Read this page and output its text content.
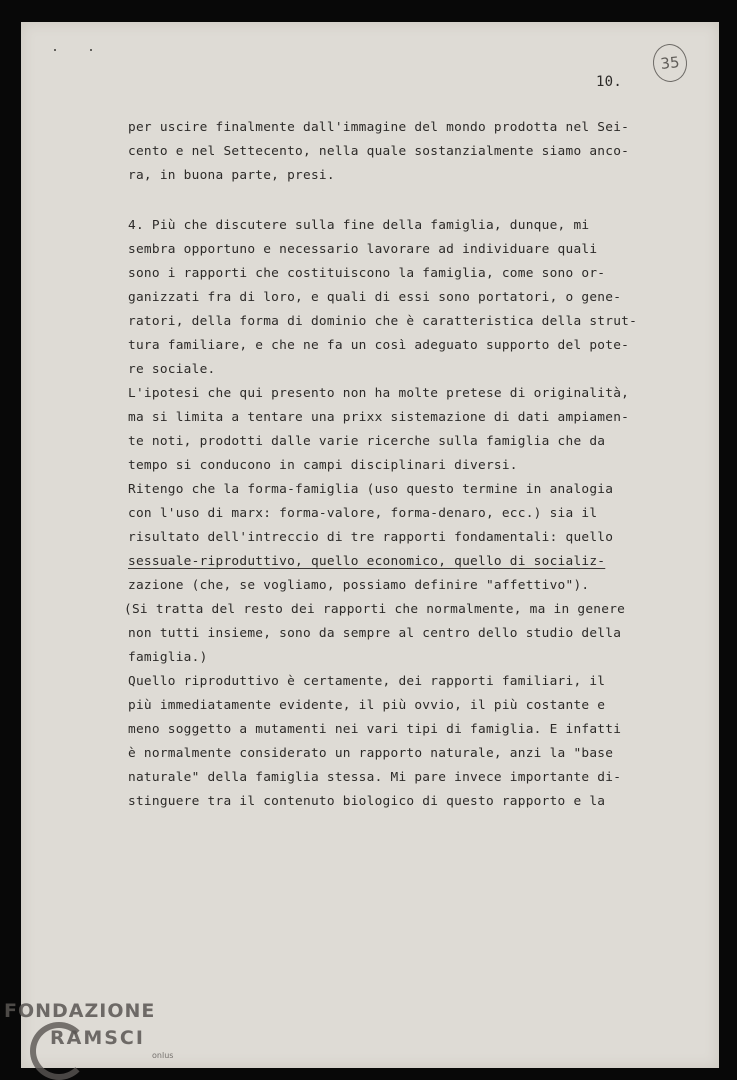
35
10.

per uscire finalmente dall'immagine del mondo prodotta nel Sei-

cento e nel Settecento, nella quale sostanzialmente siamo anco-

ra, in buona parte, presi.

4. Più che discutere sulla fine della famiglia, dunque, mi

sembra opportuno e necessario lavorare ad individuare quali

sono i rapporti che costituiscono la famiglia, come sono or-

ganizzati fra di loro, e quali di essi sono portatori, o gene-

ratori, della forma di dominio che è caratteristica della strut-

tura familiare, e che ne fa un così adeguato supporto del pote-

re sociale.

L'ipotesi che qui presento non ha molte pretese di originalità,

ma si limita a tentare una prixx sistemazione di dati ampiamen-

te noti, prodotti dalle varie ricerche sulla famiglia che da

tempo si conducono in campi disciplinari diversi.

Ritengo che la forma-famiglia (uso questo termine in analogia

con l'uso di marx: forma-valore, forma-denaro, ecc.) sia il

risultato dell'intreccio di tre rapporti fondamentali: quello

sessuale-riproduttivo, quello economico, quello di socializ-

zazione (che, se vogliamo, possiamo definire "affettivo").

(Si tratta del resto dei rapporti che normalmente, ma in genere

non tutti insieme, sono da sempre al centro dello studio della

famiglia.)

Quello riproduttivo è certamente, dei rapporti familiari, il

più immediatamente evidente, il più ovvio, il più costante e

meno soggetto a mutamenti nei vari tipi di famiglia. E infatti

è normalmente considerato un rapporto naturale, anzi la "base

naturale" della famiglia stessa. Mi pare invece importante di-

stinguere tra il contenuto biologico di questo rapporto e la

FONDAZIONE
RAMSCI
onlus
